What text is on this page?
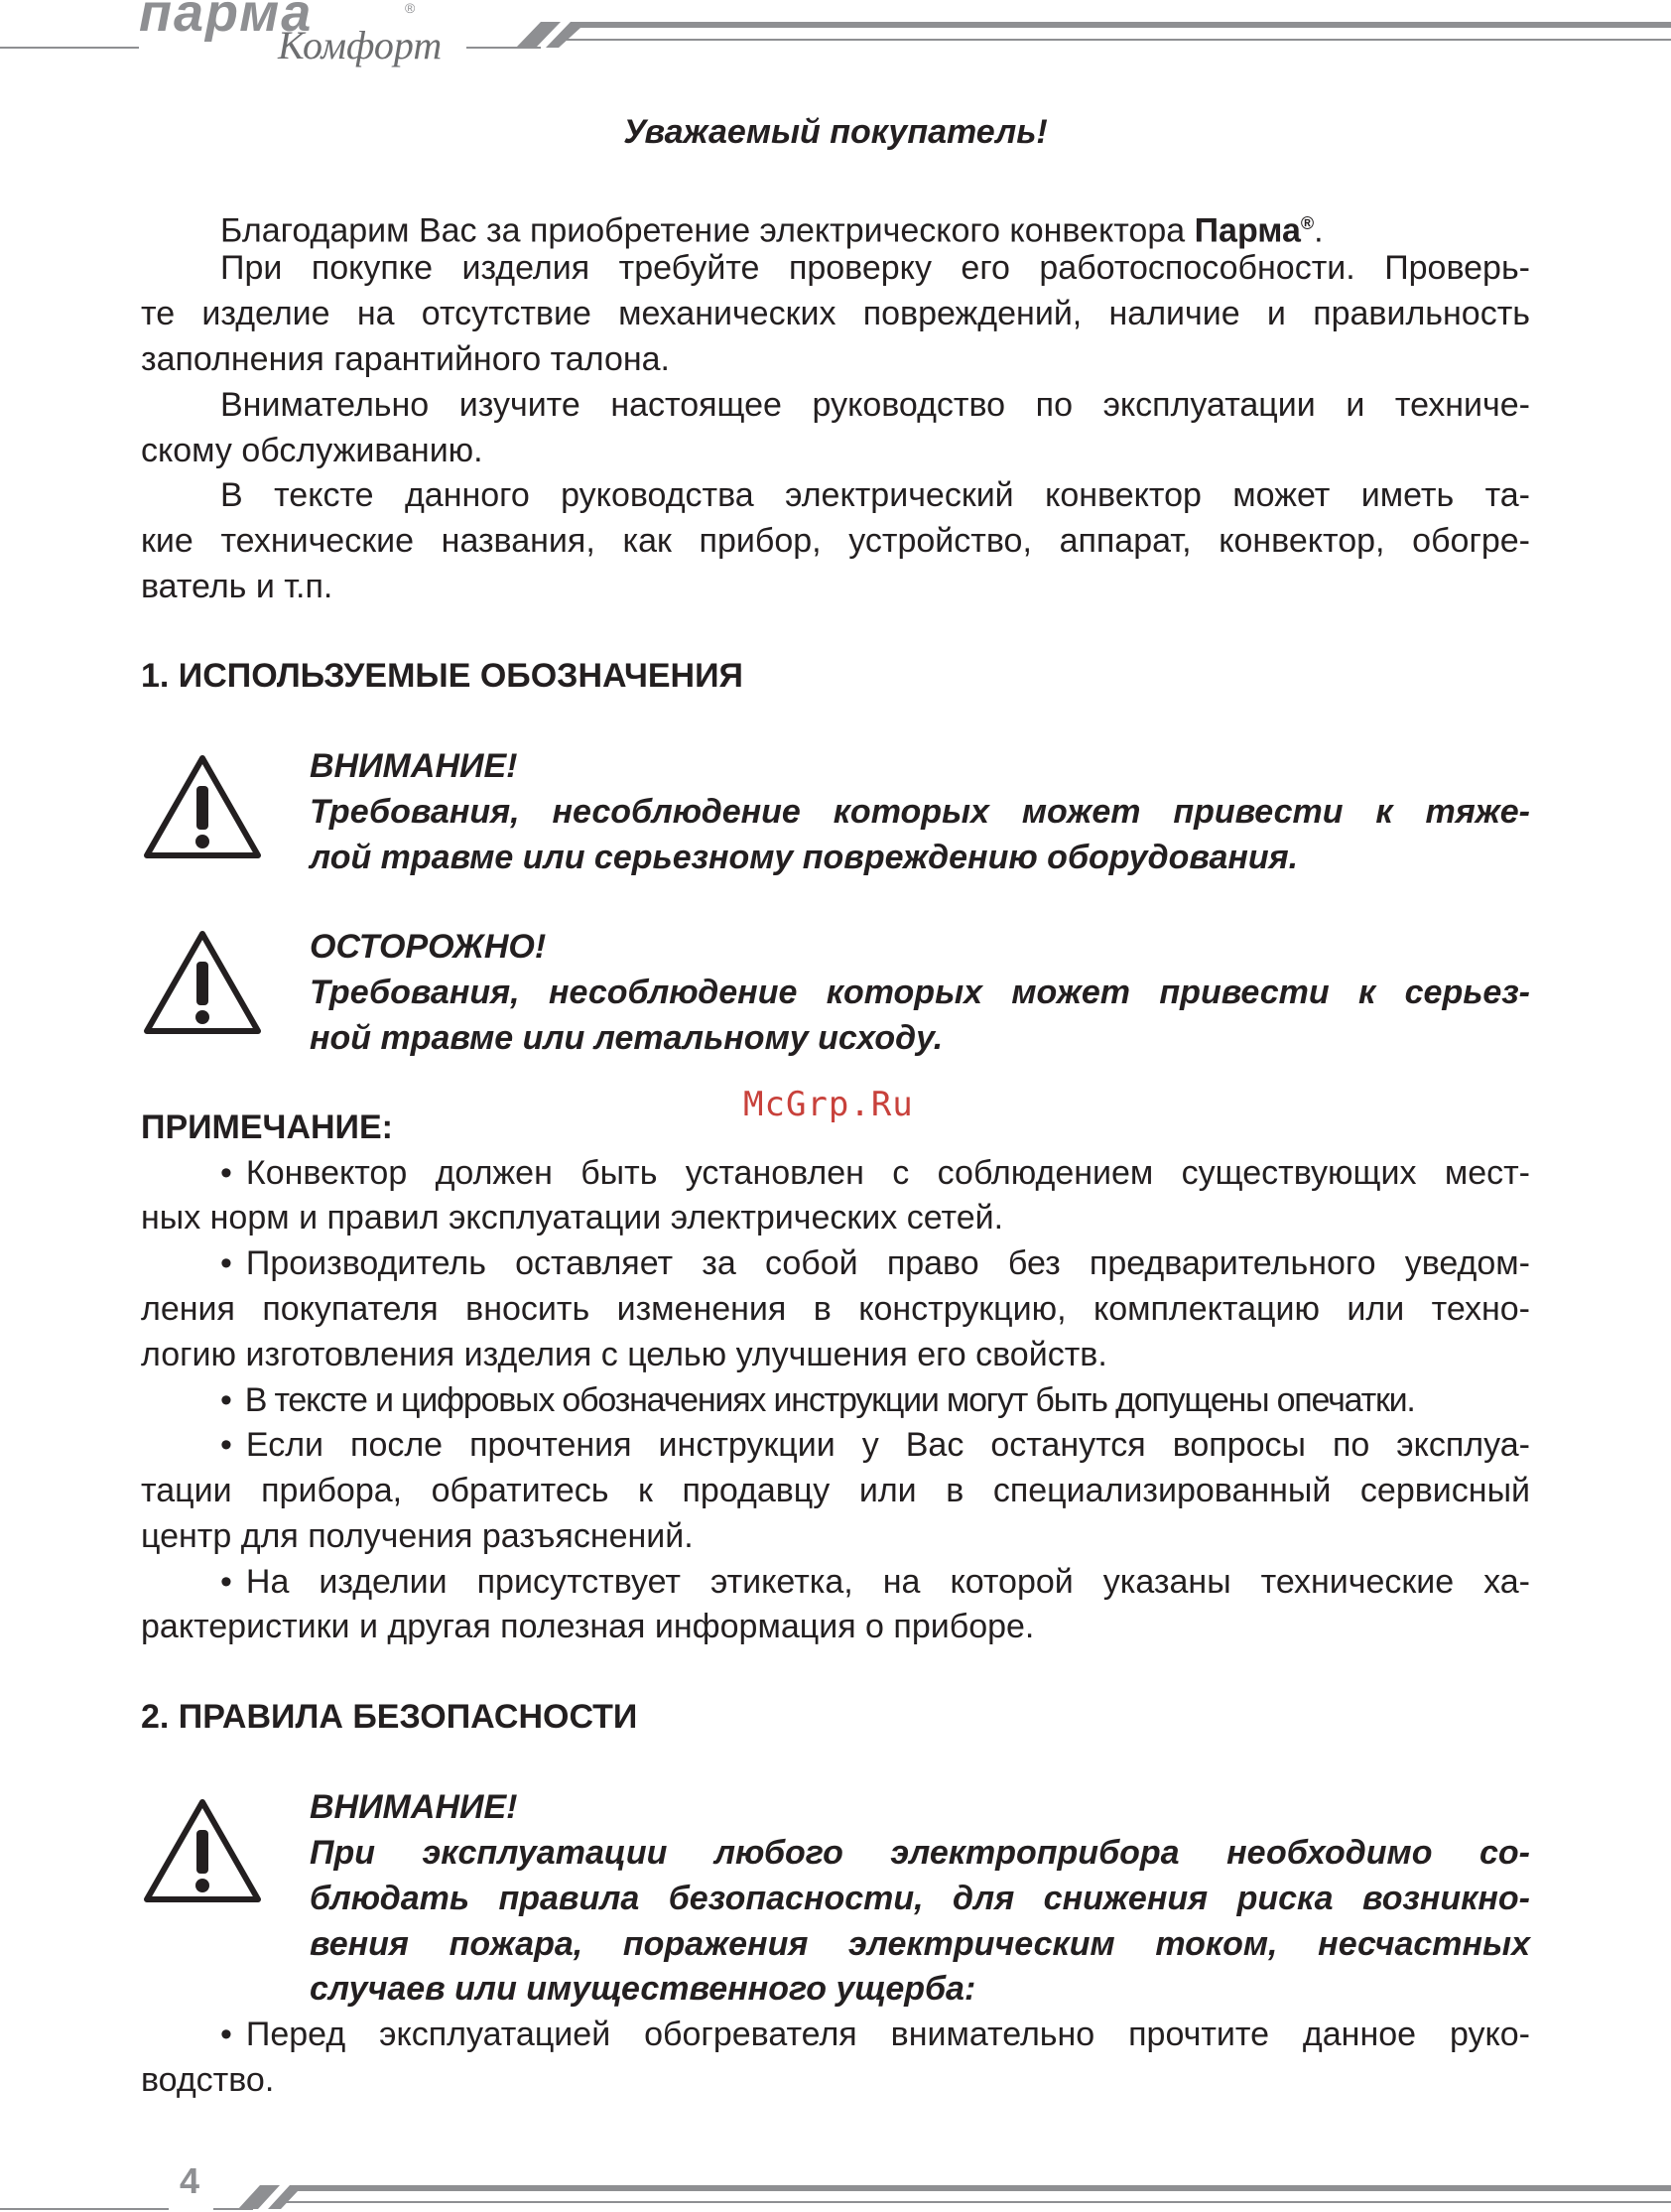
парма	®
Комфорт
Уважаемый покупатель!
Благодарим Вас за приобретение электрического конвектора Парма®.
При покупке изделия требуйте проверку его работоспособности. Проверь-
те изделие на отсутствие механических повреждений, наличие и правильность
заполнения гарантийного талона.
Внимательно изучите настоящее руководство по эксплуатации и техниче-
скому обслуживанию.
В тексте данного руководства электрический конвектор может иметь та-
кие технические названия, как прибор, устройство, аппарат, конвектор, обогре-
ватель и т.п.
1. ИСПОЛЬЗУЕМЫЕ ОБОЗНАЧЕНИЯ
ВНИМАНИЕ!
Требования, несоблюдение которых может привести к тяже-
лой травме или серьезному повреждению оборудования.
ОСТОРОЖНО!
Требования, несоблюдение которых может привести к серьез-
ной травме или летальному исходу.
McGrp.Ru
ПРИМЕЧАНИЕ:
• Конвектор должен быть установлен с соблюдением существующих мест-
ных норм и правил эксплуатации электрических сетей.
• Производитель оставляет за собой право без предварительного уведом-
ления покупателя вносить изменения в конструкцию, комплектацию или техно-
логию изготовления изделия с целью улучшения его свойств.
• В тексте и цифровых обозначениях инструкции могут быть допущены опечатки.
• Если после прочтения инструкции у Вас останутся вопросы по эксплуа-
тации прибора, обратитесь к продавцу или в специализированный сервисный
центр для получения разъяснений.
• На изделии присутствует этикетка, на которой указаны технические ха-
рактеристики и другая полезная информация о приборе.
2. ПРАВИЛА БЕЗОПАСНОСТИ
ВНИМАНИЕ!
При эксплуатации любого электроприбора необходимо со-
блюдать правила безопасности, для снижения риска возникно-
вения пожара, поражения электрическим током, несчастных
случаев или имущественного ущерба:
• Перед эксплуатацией обогревателя внимательно прочтите данное руко-
водство.
4
